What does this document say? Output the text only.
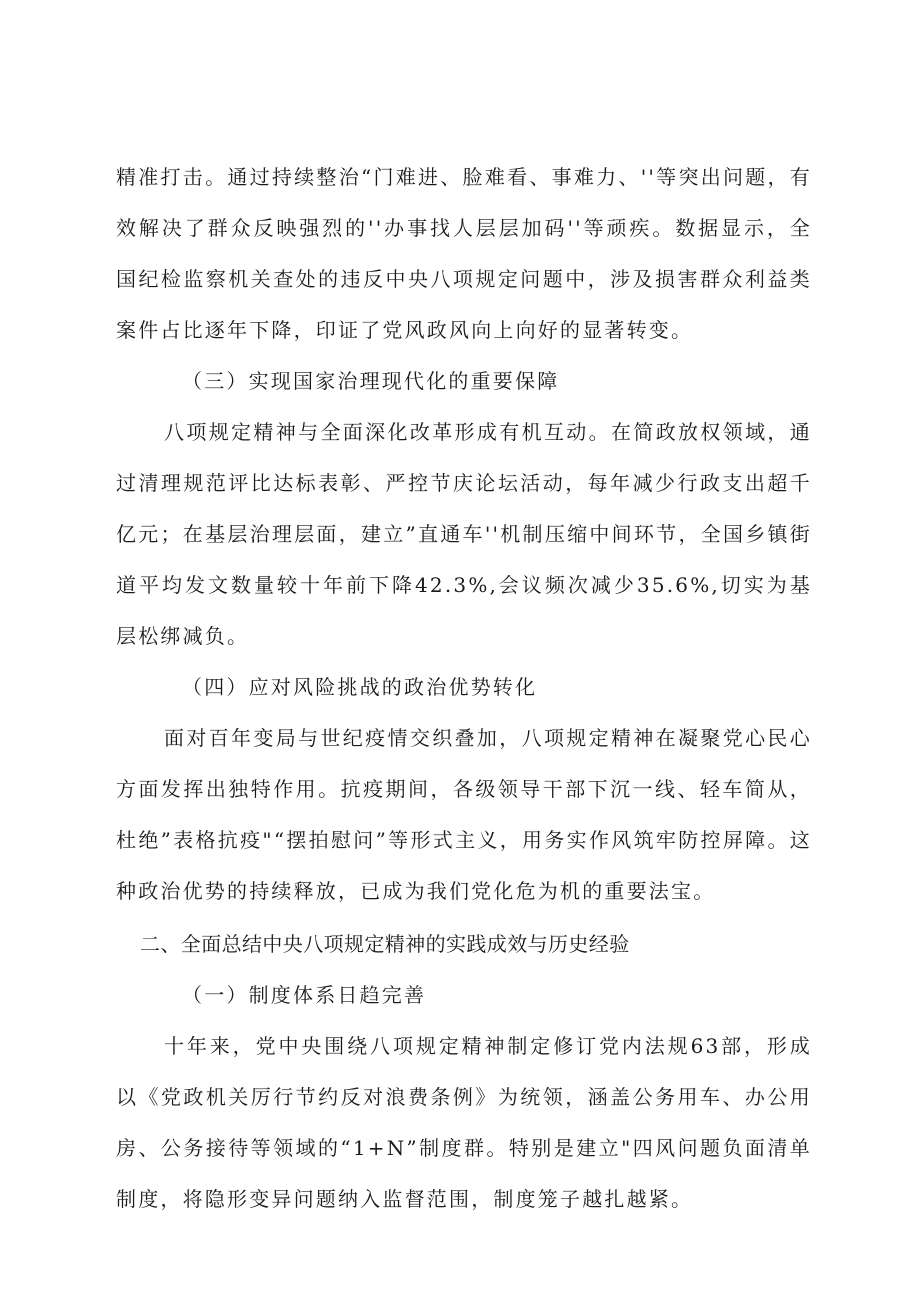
精准打击。通过持续整治“门难进、脸难看、事难力、''等突出问题，有效解决了群众反映强烈的''办事找人层层加码''等顽疾。数据显示，全国纪检监察机关查处的违反中央八项规定问题中，涉及损害群众利益类案件占比逐年下降，印证了党风政风向上向好的显著转变。

（三）实现国家治理现代化的重要保障

八项规定精神与全面深化改革形成有机互动。在简政放权领域，通过清理规范评比达标表彰、严控节庆论坛活动，每年减少行政支出超千亿元；在基层治理层面，建立”直通车''机制压缩中间环节，全国乡镇街道平均发文数量较十年前下降42.3%,会议频次减少35.6%,切实为基层松绑减负。

（四）应对风险挑战的政治优势转化

面对百年变局与世纪疫情交织叠加，八项规定精神在凝聚党心民心方面发挥出独特作用。抗疫期间，各级领导干部下沉一线、轻车简从，杜绝”表格抗疫"“摆拍慰问”等形式主义，用务实作风筑牢防控屏障。这种政治优势的持续释放，已成为我们党化危为机的重要法宝。

二、全面总结中央八项规定精神的实践成效与历史经验

（一）制度体系日趋完善

十年来，党中央围绕八项规定精神制定修订党内法规63部，形成以《党政机关厉行节约反对浪费条例》为统领，涵盖公务用车、办公用房、公务接待等领域的“1+N”制度群。特别是建立"四风问题负面清单制度，将隐形变异问题纳入监督范围，制度笼子越扎越紧。
